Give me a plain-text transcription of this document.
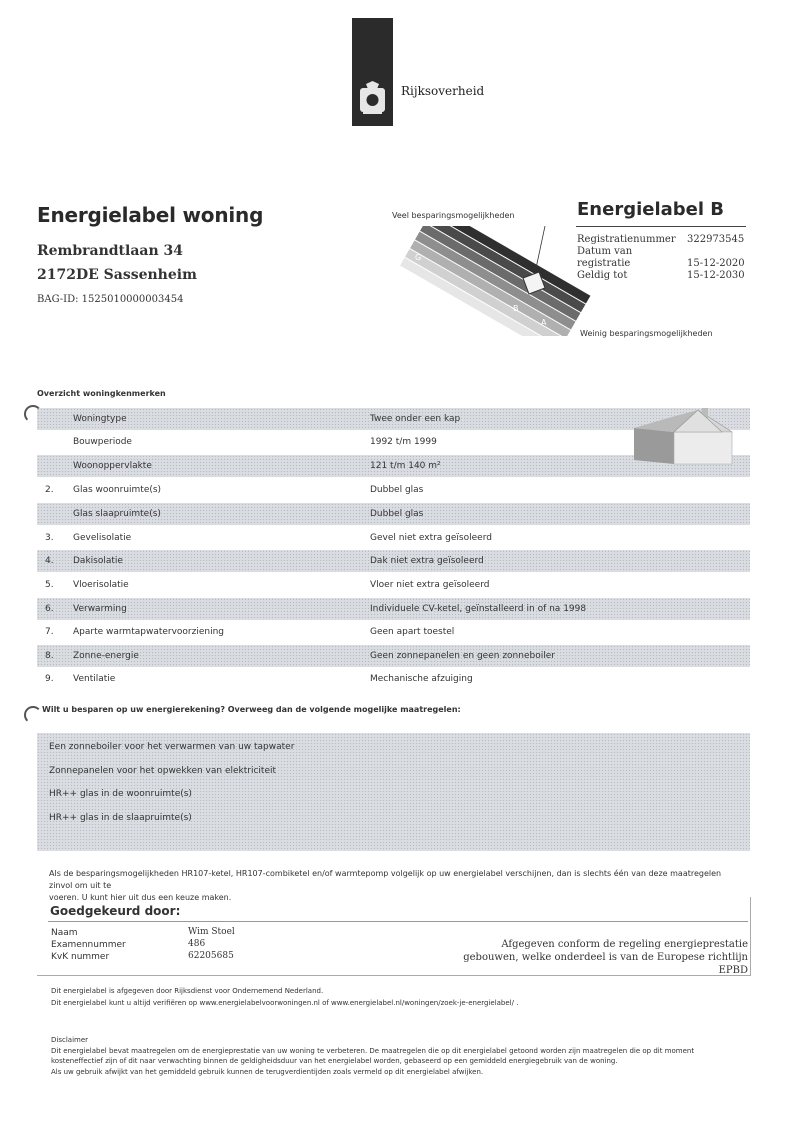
Rijksoverheid
Energielabel woning
Rembrandtlaan 34
2172DE Sassenheim
BAG-ID: 1525010000003454
Veel besparingsmogelijkheden
G
B
A
Weinig besparingsmogelijkheden
Energielabel B
Registratienummer 322973545
Datum van registratie	15-12-2020
Geldig tot	15-12-2030
Overzicht woningkenmerken
Woningtype	Twee onder een kap
Bouwperiode	1992 t/m 1999
Woonoppervlakte	121 t/m 140 m²
2. Glas woonruimte(s)	Dubbel glas
Glas slaapruimte(s)	Dubbel glas
3. Gevelisolatie	Gevel niet extra geïsoleerd
4. Dakisolatie	Dak niet extra geïsoleerd
5. Vloerisolatie	Vloer niet extra geïsoleerd
6. Verwarming	Individuele CV-ketel, geïnstalleerd in of na 1998
7. Aparte warmtapwatervoorziening	Geen apart toestel
8. Zonne-energie	Geen zonnepanelen en geen zonneboiler
9. Ventilatie	Mechanische afzuiging
Wilt u besparen op uw energierekening? Overweeg dan de volgende mogelijke maatregelen:
Een zonneboiler voor het verwarmen van uw tapwater
Zonnepanelen voor het opwekken van elektriciteit
HR++ glas in de woonruimte(s)
HR++ glas in de slaapruimte(s)
Als de besparingsmogelijkheden HR107-ketel, HR107-combiketel en/of warmtepomp volgelijk op uw energielabel verschijnen, dan is slechts één van deze maatregelen zinvol om uit te
voeren. U kunt hier uit dus een keuze maken.
Goedgekeurd door:
Naam	Wim Stoel
Examennummer	486
KvK nummer	62205685
Afgegeven conform de regeling energieprestatie
gebouwen, welke onderdeel is van de Europese richtlijn EPBD
Dit energielabel is afgegeven door Rijksdienst voor Ondernemend Nederland.
Dit energielabel kunt u altijd verifiëren op www.energielabelvoorwoningen.nl of www.energielabel.nl/woningen/zoek-je-energielabel/ .
Disclaimer
Dit energielabel bevat maatregelen om de energieprestatie van uw woning te verbeteren. De maatregelen die op dit energielabel getoond worden zijn maatregelen die op dit moment
kosteneffectief zijn of dit naar verwachting binnen de geldigheidsduur van het energielabel worden, gebaseerd op een gemiddeld energiegebruik van de woning.
Als uw gebruik afwijkt van het gemiddeld gebruik kunnen de terugverdientijden zoals vermeld op dit energielabel afwijken.
